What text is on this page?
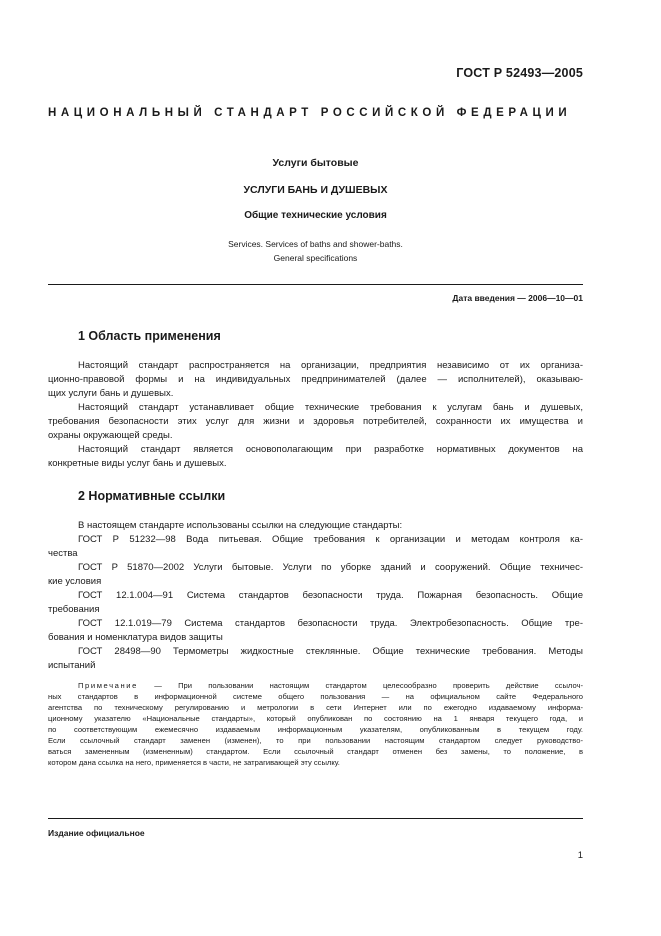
ГОСТ Р 52493—2005
НАЦИОНАЛЬНЫЙ СТАНДАРТ РОССИЙСКОЙ ФЕДЕРАЦИИ
Услуги бытовые
УСЛУГИ БАНЬ И ДУШЕВЫХ
Общие технические условия
Services. Services of baths and shower-baths.
General specifications
Дата введения — 2006—10—01
1 Область применения
Настоящий стандарт распространяется на организации, предприятия независимо от их организа-
ционно-правовой формы и на индивидуальных предпринимателей (далее — исполнителей), оказываю-
щих услуги бань и душевых.
Настоящий стандарт устанавливает общие технические требования к услугам бань и душевых,
требования безопасности этих услуг для жизни и здоровья потребителей, сохранности их имущества и
охраны окружающей среды.
Настоящий стандарт является основополагающим при разработке нормативных документов на
конкретные виды услуг бань и душевых.
2 Нормативные ссылки
В настоящем стандарте использованы ссылки на следующие стандарты:
ГОСТ Р 51232—98 Вода питьевая. Общие требования к организации и методам контроля ка-
чества
ГОСТ Р 51870—2002 Услуги бытовые. Услуги по уборке зданий и сооружений. Общие техничес-
кие условия
ГОСТ 12.1.004—91 Система стандартов безопасности труда. Пожарная безопасность. Общие
требования
ГОСТ 12.1.019—79 Система стандартов безопасности труда. Электробезопасность. Общие тре-
бования и номенклатура видов защиты
ГОСТ 28498—90 Термометры жидкостные стеклянные. Общие технические требования. Методы
испытаний
Примечание — При пользовании настоящим стандартом целесообразно проверить действие ссылоч-
ных стандартов в информационной системе общего пользования — на официальном сайте Федерального
агентства по техническому регулированию и метрологии в сети Интернет или по ежегодно издаваемому информа-
ционному указателю «Национальные стандарты», который опубликован по состоянию на 1 января текущего года, и
по соответствующим ежемесячно издаваемым информационным указателям, опубликованным в текущем году.
Если ссылочный стандарт заменен (изменен), то при пользовании настоящим стандартом следует руководство-
ваться замененным (измененным) стандартом. Если ссылочный стандарт отменен без замены, то положение, в
котором дана ссылка на него, применяется в части, не затрагивающей эту ссылку.
Издание официальное
1
